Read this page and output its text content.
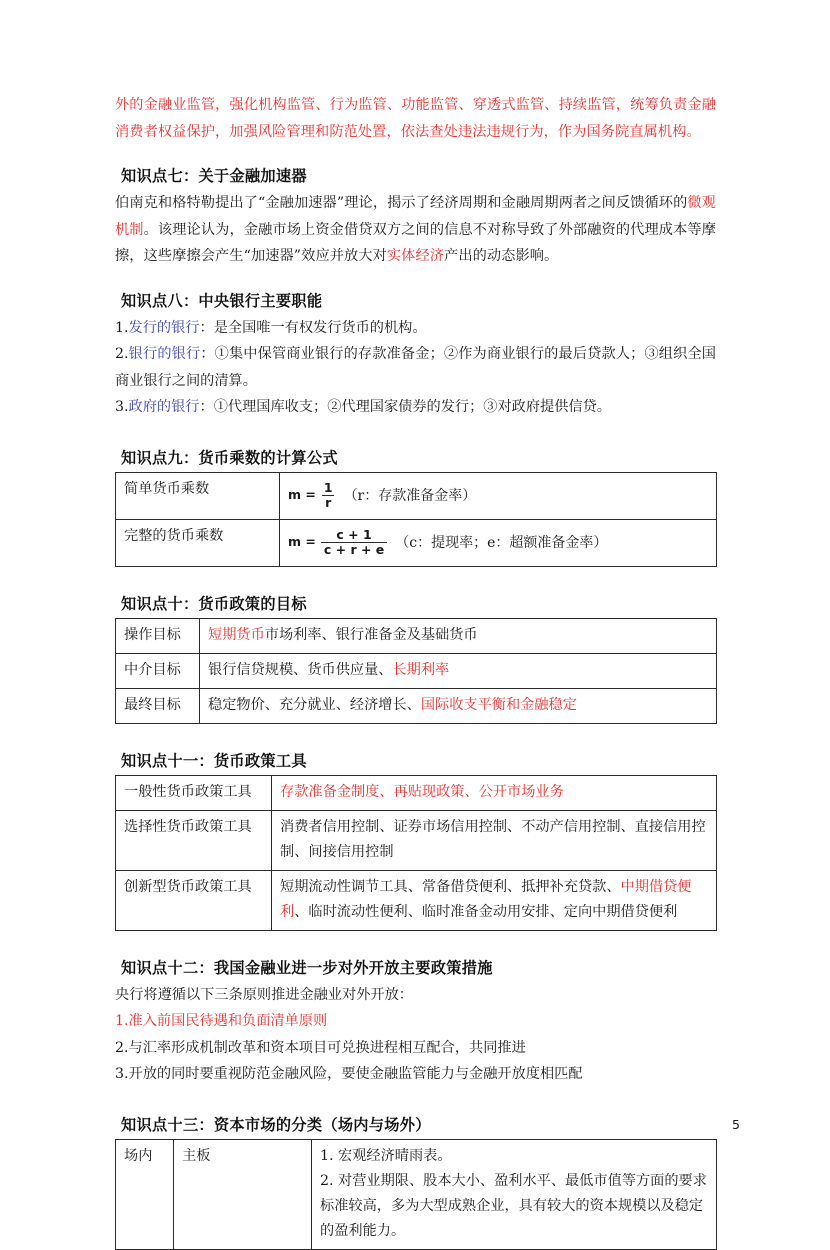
外的金融业监管，强化机构监管、行为监管、功能监管、穿透式监管、持续监管，统筹负责金融消费者权益保护，加强风险管理和防范处置，依法查处违法违规行为，作为国务院直属机构。

知识点七：关于金融加速器

伯南克和格特勒提出了“金融加速器”理论，揭示了经济周期和金融周期两者之间反馈循环的微观机制。该理论认为，金融市场上资金借贷双方之间的信息不对称导致了外部融资的代理成本等摩擦，这些摩擦会产生“加速器”效应并放大对实体经济产出的动态影响。

知识点八：中央银行主要职能

1.发行的银行：是全国唯一有权发行货币的机构。

2.银行的银行：①集中保管商业银行的存款准备金；②作为商业银行的最后贷款人；③组织全国商业银行之间的清算。

3.政府的银行：①代理国库收支；②代理国家债券的发行；③对政府提供信贷。

知识点九：货币乘数的计算公式
简单货币乘数	$m = \frac{1}{r} (r$：存款准备金率）

完整的货币乘数	$m = \frac{c + 1}{c + r + e} (c$：提现率；e：超额准备金率）
知识点十：货币政策的目标
操作目标	短期货币市场利率、银行准备金及基础货币
中介目标	银行信贷规模、货币供应量、长期利率
最终目标	稳定物价、充分就业、经济增长、国际收支平衡和金融稳定
知识点十一：货币政策工具
一般性货币政策工具	存款准备金制度、再贴现政策、公开市场业务
选择性货币政策工具	消费者信用控制、证券市场信用控制、不动产信用控制、直接信用控制、间接信用控制
创新型货币政策工具	短期流动性调节工具、常备借贷便利、抵押补充贷款、中期借贷便利、临时流动性便利、临时准备金动用安排、定向中期借贷便利
知识点十二：我国金融业进一步对外开放主要政策措施

央行将遵循以下三条原则推进金融业对外开放：

1.准入前国民待遇和负面清单原则

2.与汇率形成机制改革和资本项目可兑换进程相互配合，共同推进

3.开放的同时要重视防范金融风险，要使金融监管能力与金融开放度相匹配

知识点十三：资本市场的分类（场内与场外）
场内	主板	1. 宏观经济晴雨表。
2. 对营业期限、股本大小、盈利水平、最低市值等方面的要求标准较高，多为大型成熟企业，具有较大的资本规模以及稳定的盈利能力。
5
